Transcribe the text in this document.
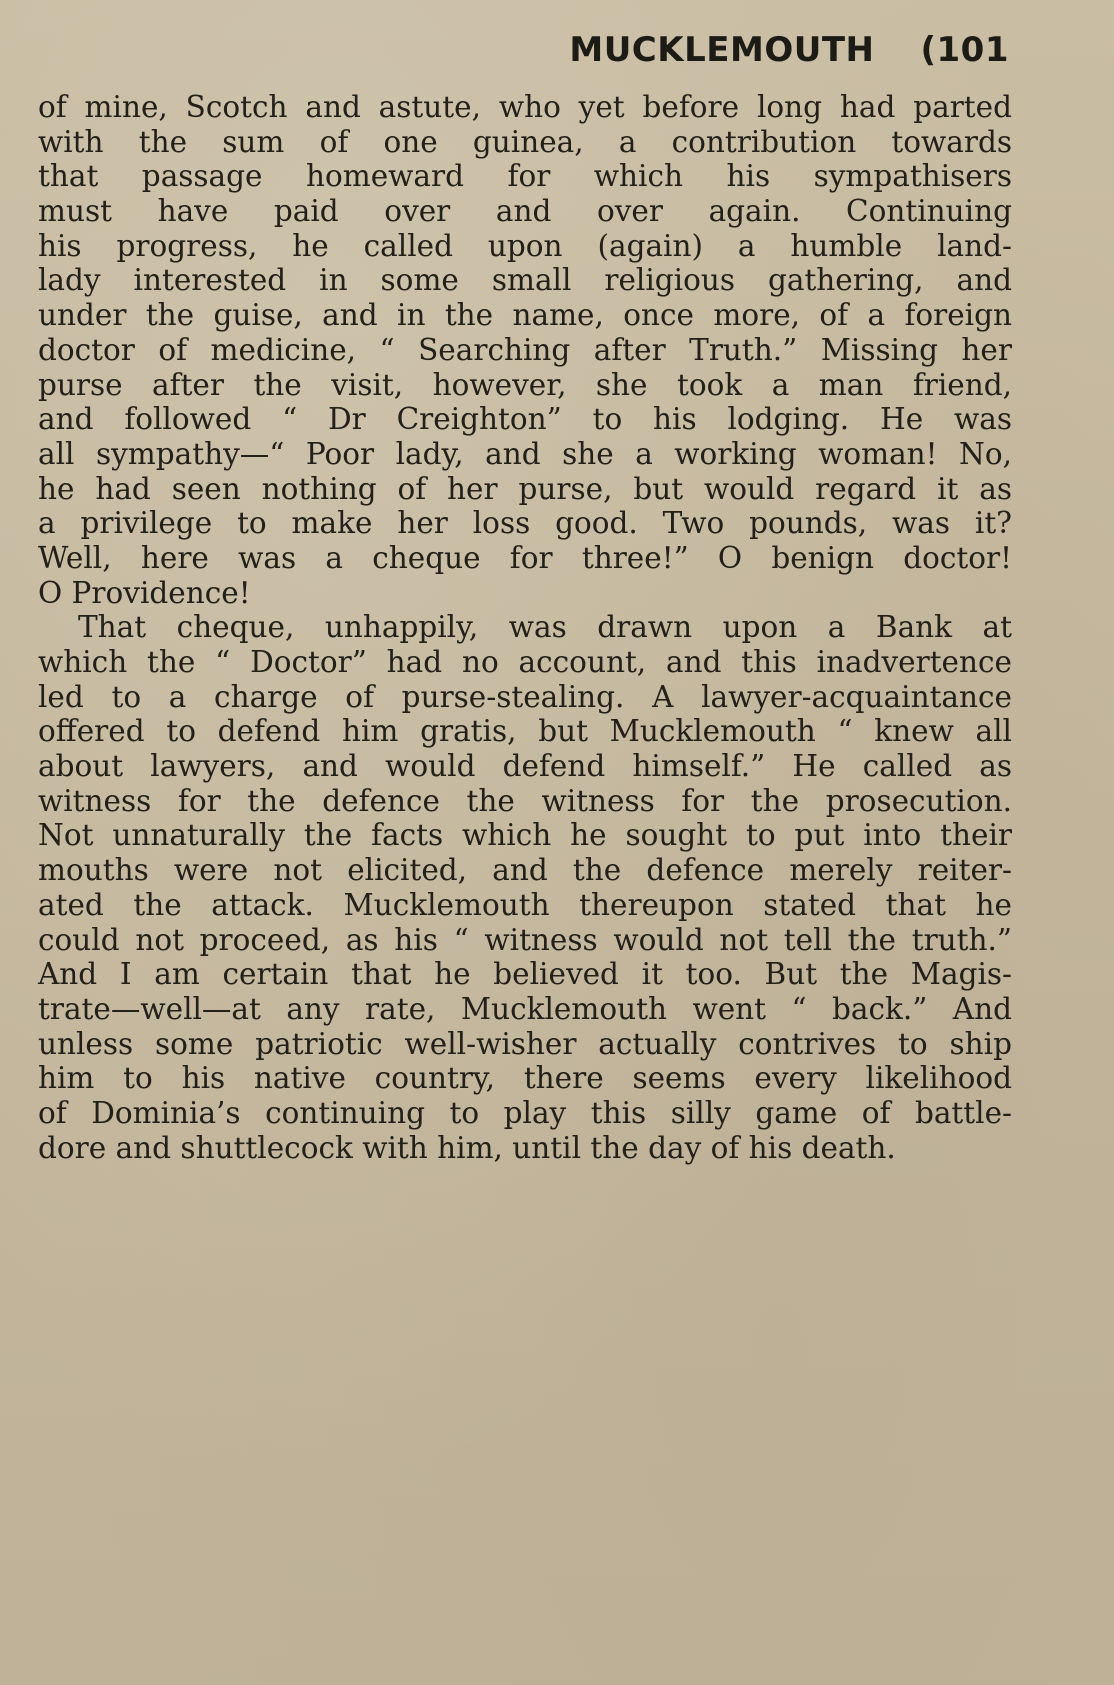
MUCKLEMOUTH (101
of mine, Scotch and astute, who yet before long had parted
with the sum of one guinea, a contribution towards
that passage homeward for which his sympathisers
must have paid over and over again. Continuing
his progress, he called upon (again) a humble land-
lady interested in some small religious gathering, and
under the guise, and in the name, once more, of a foreign
doctor of medicine, “ Searching after Truth.” Missing her
purse after the visit, however, she took a man friend,
and followed “ Dr Creighton” to his lodging. He was
all sympathy—“ Poor lady, and she a working woman! No,
he had seen nothing of her purse, but would regard it as
a privilege to make her loss good. Two pounds, was it?
Well, here was a cheque for three!” O benign doctor!
O Providence!
That cheque, unhappily, was drawn upon a Bank at
which the “ Doctor” had no account, and this inadvertence
led to a charge of purse-stealing. A lawyer-acquaintance
offered to defend him gratis, but Mucklemouth “ knew all
about lawyers, and would defend himself.” He called as
witness for the defence the witness for the prosecution.
Not unnaturally the facts which he sought to put into their
mouths were not elicited, and the defence merely reiter-
ated the attack. Mucklemouth thereupon stated that he
could not proceed, as his “ witness would not tell the truth.”
And I am certain that he believed it too. But the Magis-
trate—well—at any rate, Mucklemouth went “ back.” And
unless some patriotic well-wisher actually contrives to ship
him to his native country, there seems every likelihood
of Dominia’s continuing to play this silly game of battle-
dore and shuttlecock with him, until the day of his death.
